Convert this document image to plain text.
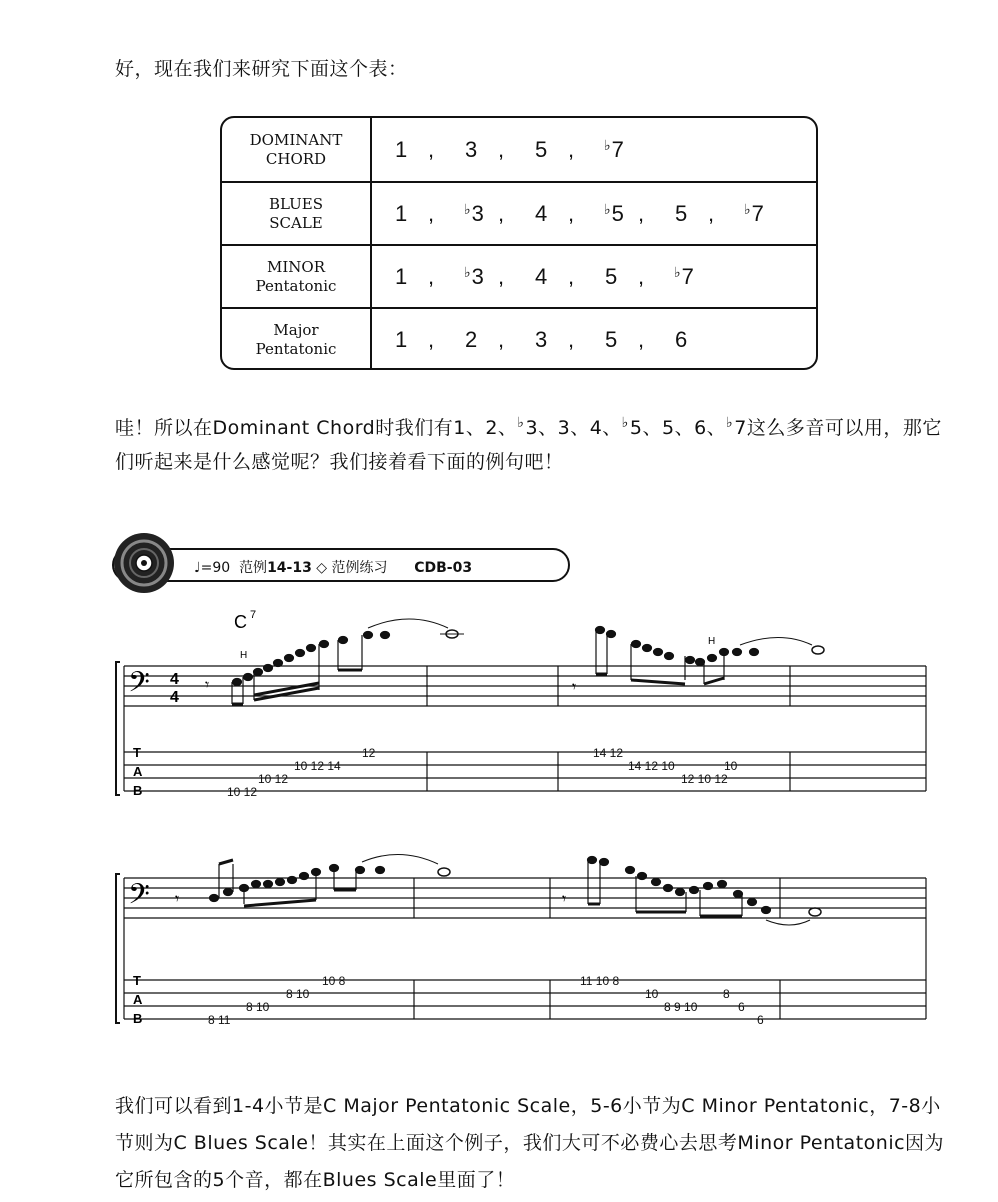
好，现在我们来研究下面这个表：
DOMINANT
CHORD	1 ,	3 ,	5 ,	♭7
BLUES
SCALE	1 ,	♭3 ,	4 ,	♭5 ,	5 ,	♭7
MINOR
Pentatonic	1 ,	♭3 ,	4 ,	5 ,	♭7
Major
Pentatonic	1 ,	2 ,	3 ,	5 ,	6
哇！所以在Dominant Chord时我们有1、2、♭3、3、4、♭5、5、6、♭7这么多音可以用，那它们听起来是什么感觉呢？我们接着看下面的例句吧！
♩=90 范例14-13 ◇ 范例练习 CDB-03
𝄢 4
4
C 7
H
H
𝄾	𝄾
T
A
B	10 12
10 12
10 12 14
12	14 12
14 12 10
12 10 12
10
𝄢 𝄾	𝄾
T
A
B	8 11
8 10
8 10
10 8	11 10 8
10
8 9 10
8
6
6
我们可以看到1-4小节是C Major Pentatonic Scale，5-6小节为C Minor Pentatonic，7-8小节则为C Blues Scale！其实在上面这个例子，我们大可不必费心去思考Minor Pentatonic因为它所包含的5个音，都在Blues Scale里面了！
